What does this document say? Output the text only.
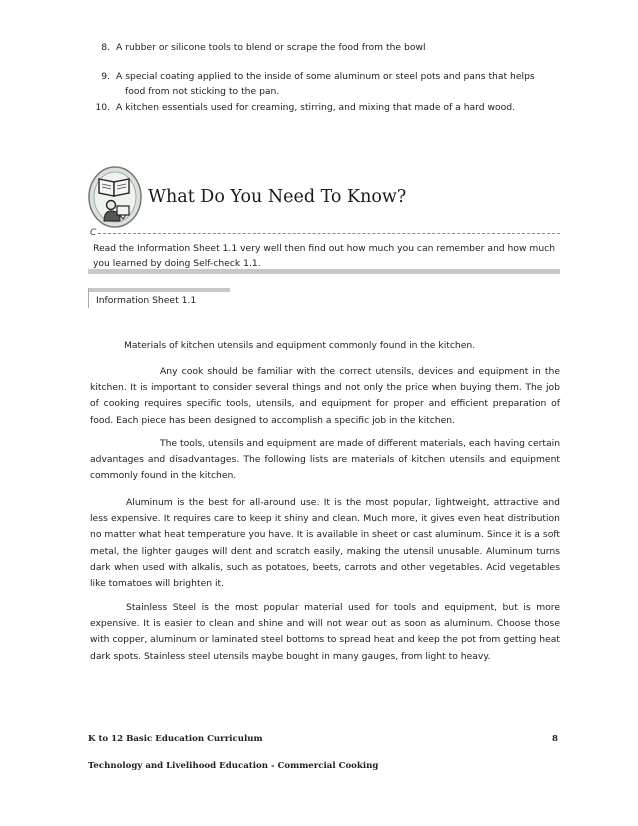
8. A rubber or silicone tools to blend or scrape the food from the bowl
9. A special coating applied to the inside of some aluminum or steel pots and pans that helps
food from not sticking to the pan.
10. A kitchen essentials used for creaming, stirring, and mixing that made of a hard wood.
What Do You Need To Know?
C
Read the Information Sheet 1.1 very well then find out how much you can remember and how much you learned by doing Self-check 1.1.
Information Sheet 1.1
Materials of kitchen utensils and equipment commonly found in the kitchen.

Any cook should be familiar with the correct utensils, devices and equipment in the kitchen. It is important to consider several things and not only the price when buying them. The job of cooking requires specific tools, utensils, and equipment for proper and efficient preparation of food. Each piece has been designed to accomplish a specific job in the kitchen.

The tools, utensils and equipment are made of different materials, each having certain advantages and disadvantages. The following lists are materials of kitchen utensils and equipment commonly found in the kitchen.

Aluminum is the best for all-around use. It is the most popular, lightweight, attractive and less expensive. It requires care to keep it shiny and clean. Much more, it gives even heat distribution no matter what heat temperature you have. It is available in sheet or cast aluminum. Since it is a soft metal, the lighter gauges will dent and scratch easily, making the utensil unusable. Aluminum turns dark when used with alkalis, such as potatoes, beets, carrots and other vegetables. Acid vegetables like tomatoes will brighten it.

Stainless Steel is the most popular material used for tools and equipment, but is more expensive. It is easier to clean and shine and will not wear out as soon as aluminum. Choose those with copper, aluminum or laminated steel bottoms to spread heat and keep the pot from getting heat dark spots. Stainless steel utensils maybe bought in many gauges, from light to heavy.

K to 12 Basic Education Curriculum	8
Technology and Livelihood Education - Commercial Cooking
